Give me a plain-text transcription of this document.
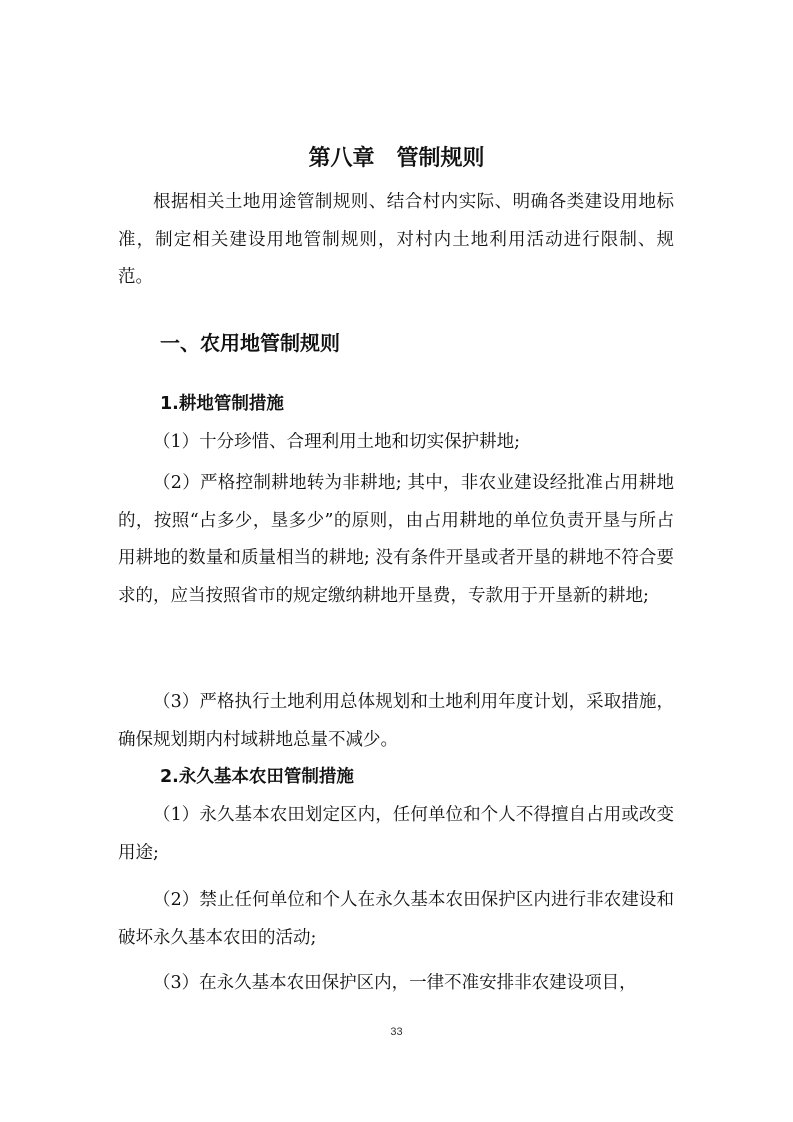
第八章　管制规则

根据相关土地用途管制规则、结合村内实际、明确各类建设用地标准，制定相关建设用地管制规则，对村内土地利用活动进行限制、规范。

一、农用地管制规则
1.耕地管制措施

（1）十分珍惜、合理利用土地和切实保护耕地;

（2）严格控制耕地转为非耕地; 其中，非农业建设经批准占用耕地的，按照“占多少，垦多少”的原则，由占用耕地的单位负责开垦与所占用耕地的数量和质量相当的耕地; 没有条件开垦或者开垦的耕地不符合要求的，应当按照省市的规定缴纳耕地开垦费，专款用于开垦新的耕地;

（3）严格执行土地利用总体规划和土地利用年度计划，采取措施，确保规划期内村域耕地总量不减少。

2.永久基本农田管制措施

（1）永久基本农田划定区内，任何单位和个人不得擅自占用或改变用途;

（2）禁止任何单位和个人在永久基本农田保护区内进行非农建设和破坏永久基本农田的活动;

（3）在永久基本农田保护区内，一律不准安排非农建设项目，

33
